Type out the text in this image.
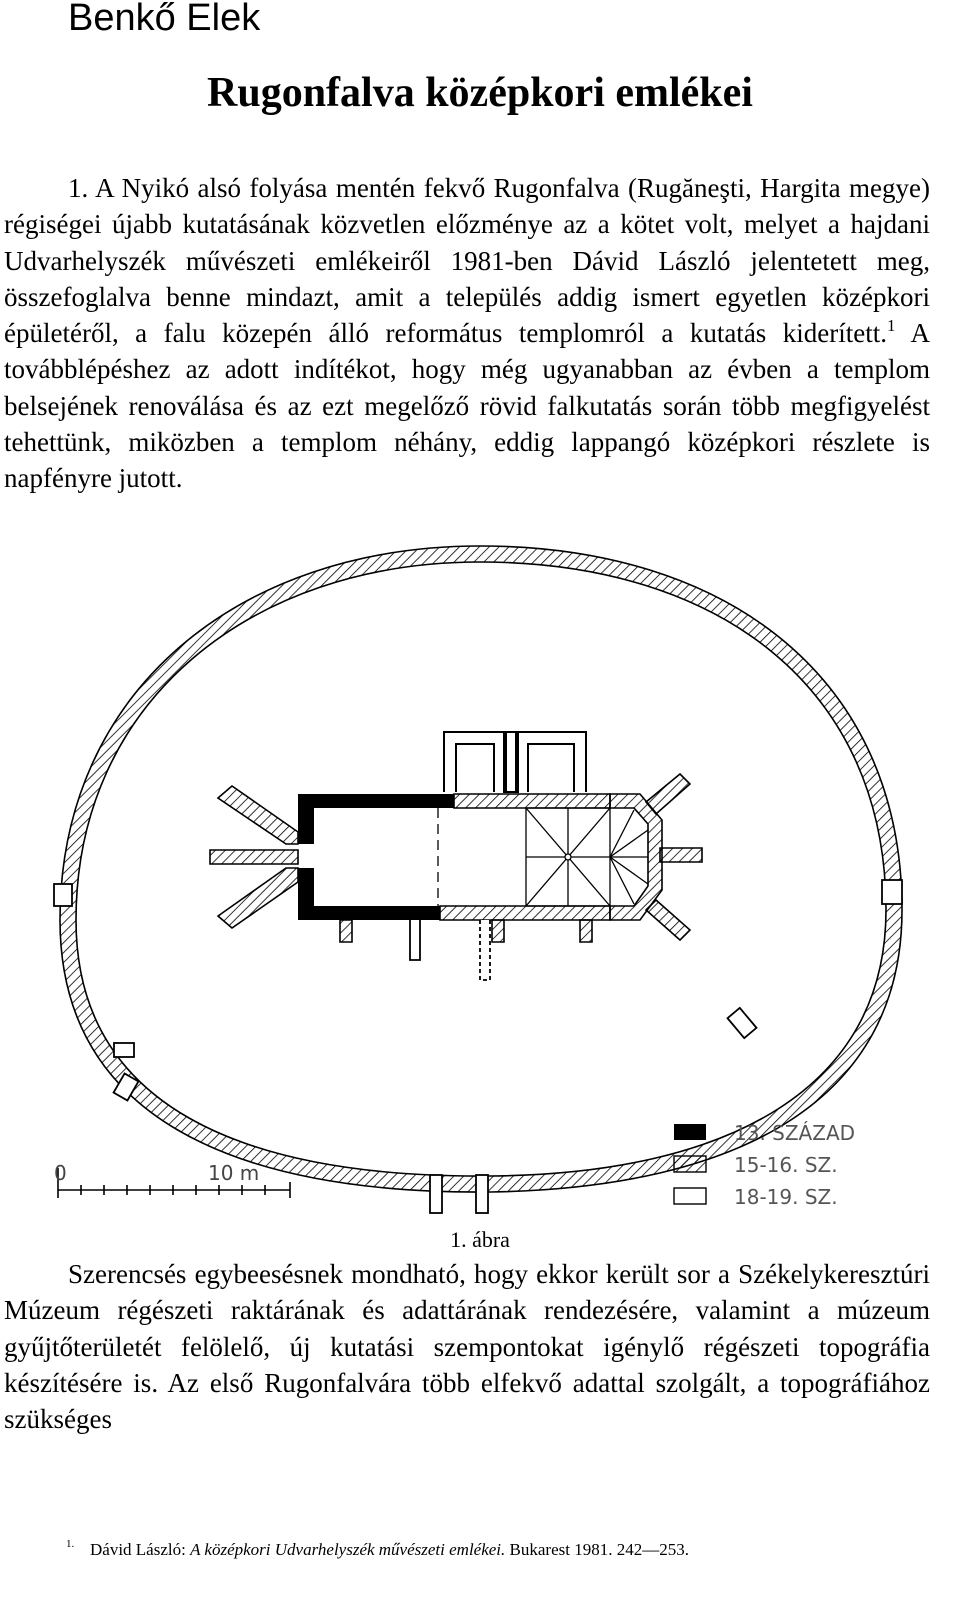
Benkő Elek
Rugonfalva középkori emlékei

1. A Nyikó alsó folyása mentén fekvő Rugonfalva (Rugăneşti, Hargita megye) régiségei újabb kutatásának közvetlen előzménye az a kötet volt, melyet a hajdani Udvarhelyszék művészeti emlékeiről 1981-ben Dávid László jelentetett meg, összefoglalva benne mindazt, amit a település addig ismert egyetlen középkori épületéről, a falu közepén álló református templomról a kutatás kiderített.$^1$ A továbblépéshez az adott indítékot, hogy még ugyanabban az évben a templom belsejének renoválása és az ezt megelőző rövid falkutatás során több megfigyelést tehettünk, miközben a templom néhány, eddig lappangó középkori részlete is napfényre jutott.

0	10 m
13. SZÁZAD
15-16. SZ.
18-19. SZ.

1. ábra

Szerencsés egybeesésnek mondható, hogy ekkor került sor a Székelykeresztúri Múzeum régészeti raktárának és adattárának rendezésére, valamint a múzeum gyűjtőterületét felölelő, új kutatási szempontokat igénylő régészeti topográfia készítésére is. Az első Rugonfalvára több elfekvő adattal szolgált, a topográfiához szükséges

1. Dávid László: A középkori Udvarhelyszék művészeti emlékei. Bukarest 1981. 242—253.
